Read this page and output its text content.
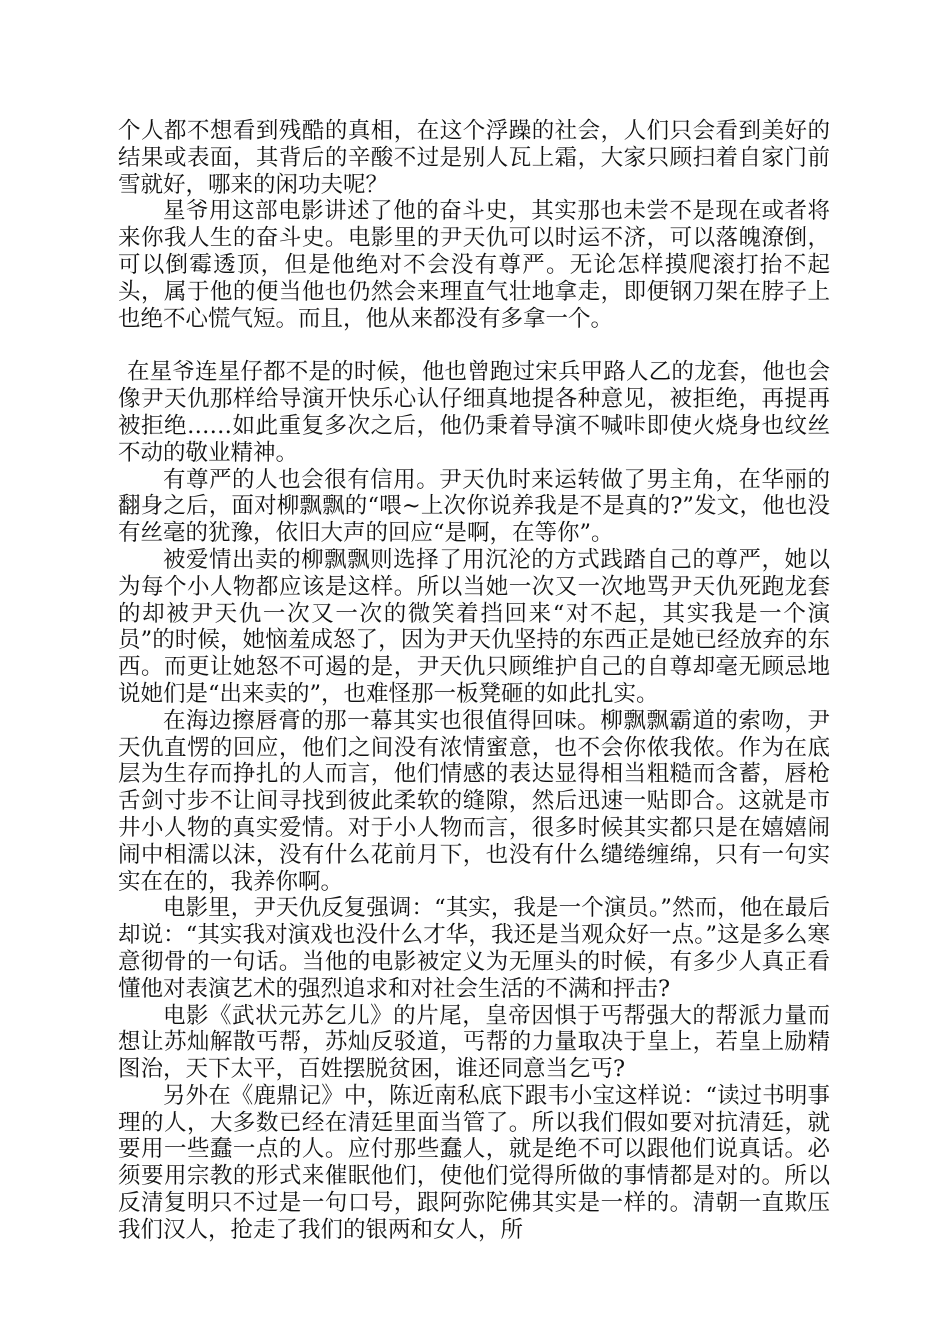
个人都不想看到残酷的真相，在这个浮躁的社会，人们只会看到美好的结果或表面，其背后的辛酸不过是别人瓦上霜，大家只顾扫着自家门前雪就好，哪来的闲功夫呢？

星爷用这部电影讲述了他的奋斗史，其实那也未尝不是现在或者将来你我人生的奋斗史。电影里的尹天仇可以时运不济，可以落魄潦倒，可以倒霉透顶，但是他绝对不会没有尊严。无论怎样摸爬滚打抬不起头，属于他的便当他也仍然会来理直气壮地拿走，即便钢刀架在脖子上也绝不心慌气短。而且，他从来都没有多拿一个。

在星爷连星仔都不是的时候，他也曾跑过宋兵甲路人乙的龙套，他也会像尹天仇那样给导演开快乐心认仔细真地提各种意见，被拒绝，再提再被拒绝……如此重复多次之后，他仍秉着导演不喊咔即使火烧身也纹丝不动的敬业精神。

有尊严的人也会很有信用。尹天仇时来运转做了男主角，在华丽的翻身之后，面对柳飘飘的“喂~上次你说养我是不是真的?”发文，他也没有丝毫的犹豫，依旧大声的回应“是啊，在等你”。

被爱情出卖的柳飘飘则选择了用沉沦的方式践踏自己的尊严，她以为每个小人物都应该是这样。所以当她一次又一次地骂尹天仇死跑龙套的却被尹天仇一次又一次的微笑着挡回来“对不起，其实我是一个演员”的时候，她恼羞成怒了，因为尹天仇坚持的东西正是她已经放弃的东西。而更让她怒不可遏的是，尹天仇只顾维护自己的自尊却毫无顾忌地说她们是“出来卖的”，也难怪那一板凳砸的如此扎实。

在海边擦唇膏的那一幕其实也很值得回味。柳飘飘霸道的索吻，尹天仇直愣的回应，他们之间没有浓情蜜意，也不会你侬我侬。作为在底层为生存而挣扎的人而言，他们情感的表达显得相当粗糙而含蓄，唇枪舌剑寸步不让间寻找到彼此柔软的缝隙，然后迅速一贴即合。这就是市井小人物的真实爱情。对于小人物而言，很多时候其实都只是在嬉嬉闹闹中相濡以沫，没有什么花前月下，也没有什么缱绻缠绵，只有一句实实在在的，我养你啊。

电影里，尹天仇反复强调：“其实，我是一个演员。”然而，他在最后却说：“其实我对演戏也没什么才华，我还是当观众好一点。”这是多么寒意彻骨的一句话。当他的电影被定义为无厘头的时候，有多少人真正看懂他对表演艺术的强烈追求和对社会生活的不满和抨击?

电影《武状元苏乞儿》的片尾，皇帝因惧于丐帮强大的帮派力量而想让苏灿解散丐帮，苏灿反驳道，丐帮的力量取决于皇上，若皇上励精图治，天下太平，百姓摆脱贫困，谁还同意当乞丐?

另外在《鹿鼎记》中，陈近南私底下跟韦小宝这样说：“读过书明事理的人，大多数已经在清廷里面当管了。所以我们假如要对抗清廷，就要用一些蠢一点的人。应付那些蠢人，就是绝不可以跟他们说真话。必须要用宗教的形式来催眠他们，使他们觉得所做的事情都是对的。所以反清复明只不过是一句口号，跟阿弥陀佛其实是一样的。清朝一直欺压我们汉人，抢走了我们的银两和女人，所
